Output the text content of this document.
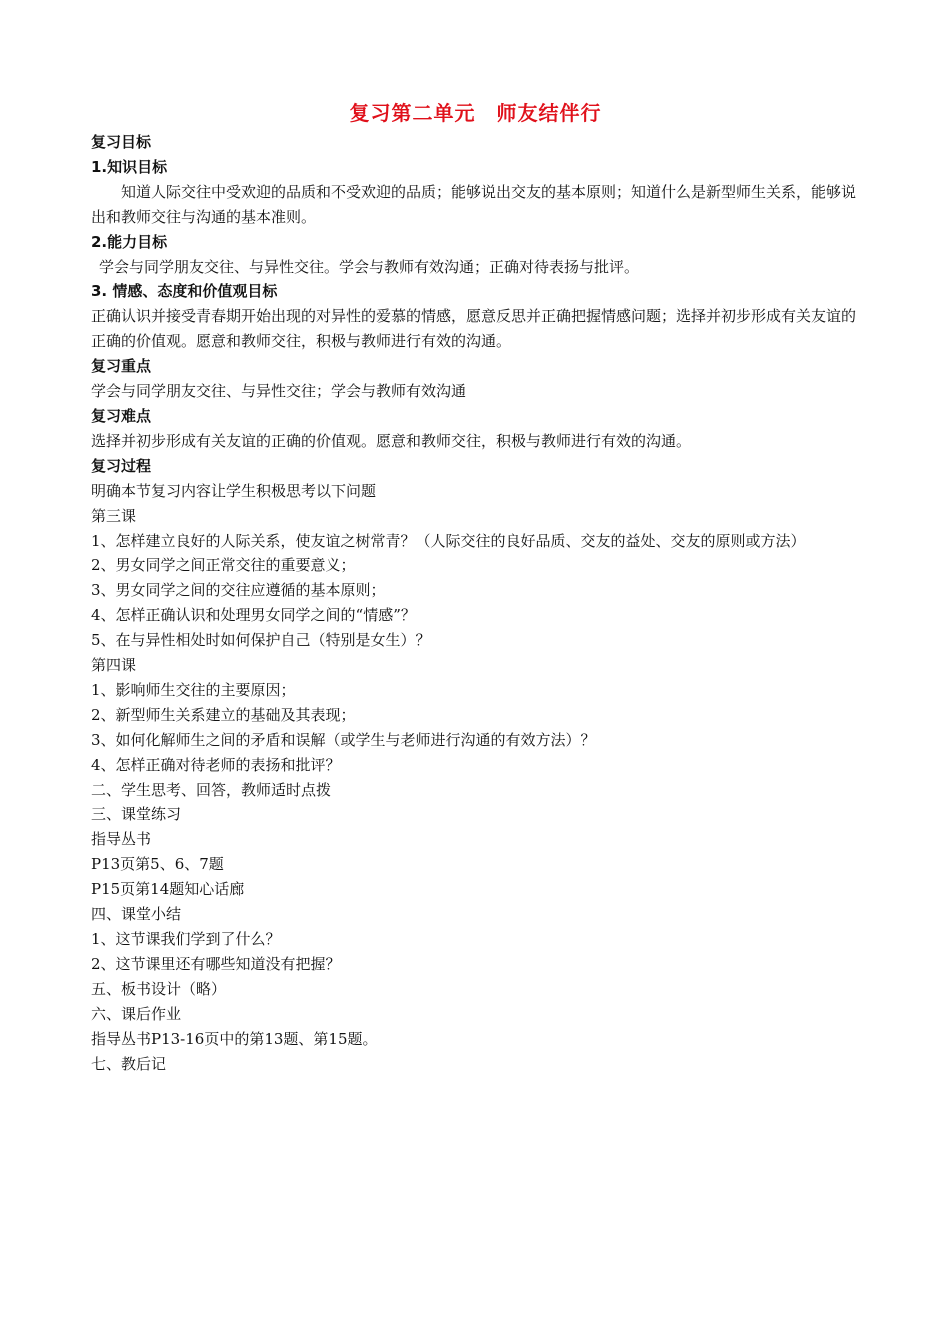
复习第二单元　师友结伴行
复习目标
1.知识目标
知道人际交往中受欢迎的品质和不受欢迎的品质；能够说出交友的基本原则；知道什么是新型师生关系，能够说出和教师交往与沟通的基本准则。
2.能力目标
学会与同学朋友交往、与异性交往。学会与教师有效沟通；正确对待表扬与批评。
3. 情感、态度和价值观目标
正确认识并接受青春期开始出现的对异性的爱慕的情感，愿意反思并正确把握情感问题；选择并初步形成有关友谊的正确的价值观。愿意和教师交往，积极与教师进行有效的沟通。
复习重点
学会与同学朋友交往、与异性交往；学会与教师有效沟通
复习难点
选择并初步形成有关友谊的正确的价值观。愿意和教师交往，积极与教师进行有效的沟通。
复习过程
明确本节复习内容让学生积极思考以下问题
第三课
1、怎样建立良好的人际关系，使友谊之树常青？（人际交往的良好品质、交友的益处、交友的原则或方法）
2、男女同学之间正常交往的重要意义；
3、男女同学之间的交往应遵循的基本原则；
4、怎样正确认识和处理男女同学之间的“情感”？
5、在与异性相处时如何保护自己（特别是女生）？
第四课
1、影响师生交往的主要原因；
2、新型师生关系建立的基础及其表现；
3、如何化解师生之间的矛盾和误解（或学生与老师进行沟通的有效方法）？
4、怎样正确对待老师的表扬和批评？
二、学生思考、回答，教师适时点拨
三、课堂练习
指导丛书
P13页第5、6、7题
P15页第14题知心话廊
四、课堂小结
1、这节课我们学到了什么？
2、这节课里还有哪些知道没有把握？
五、板书设计（略）
六、课后作业
指导丛书P13-16页中的第13题、第15题。
七、教后记
